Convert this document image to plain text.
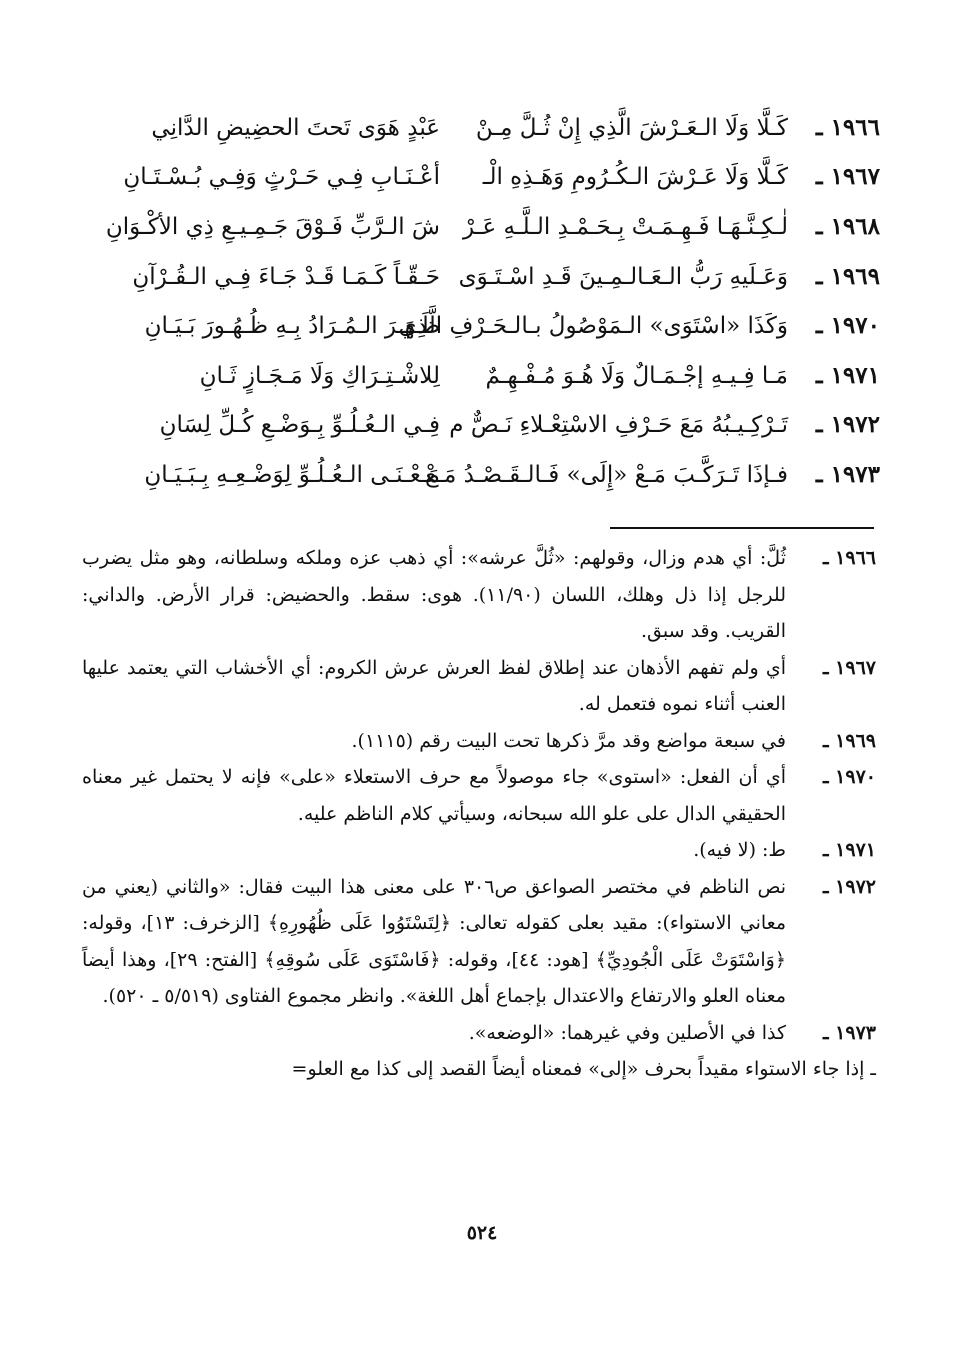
١٩٦٦ ـ
كَـلَّا وَلَا الـعَـرْشَ الَّذِي إِنْ ثُـلَّ مِـنْ
عَبْدٍ هَوَى تَحتَ الحضِيضِ الدَّانِي
١٩٦٧ ـ
كَـلَّا وَلَا عَـرْشَ الـكُـرُومِ وَهَـذِهِ الْـ
أعْـنَـابِ فِـي حَـرْثٍ وَفِـي بُـسْـتَـانِ
١٩٦٨ ـ
لٰـكِـنَّـهَـا فَـهِـمَـتْ بِـحَـمْـدِ الـلَّـهِ عَـرْ
شَ الـرَّبِّ فَـوْقَ جَـمِـيـعِ ذِي الأكْـوَانِ
١٩٦٩ ـ
وَعَـلَيهِ رَبُّ الـعَـالـمِـينَ قَـدِ اسْـتَـوَى
حَـقّـاً كَـمَـا قَـدْ جَـاءَ فِـي الـقُـرْآنِ
١٩٧٠ ـ
وَكَذَا «اسْتَوَى» الـمَوْصُولُ بـالـحَـرْفِ الَّذِي
ظَـهَـرَ الـمُـرَادُ بِـهِ ظُـهُـورَ بَـيَـانِ
١٩٧١ ـ
مَـا فِـيـهِ إجْـمَـالٌ وَلَا هُـوَ مُـفْـهِـمٌ
لِلاشْـتِـرَاكِ وَلَا مَـجَـازٍ ثَـانِ
١٩٧٢ ـ
تَـرْكِـيـبُهُ مَعَ حَـرْفِ الاسْتِعْـلاءِ نَـصٌّ م
فِـي الـعُـلُـوِّ بِـوَضْـعِ كُـلِّ لِسَانِ
١٩٧٣ ـ
فـإذَا تَـرَكَّـبَ مَـعْ «إِلَى» فَـالـقَـصْـدُ مَـعْ
مَـعْـنَـى الـعُـلُـوِّ لِوَضْـعِـهِ بِـبَـيَـانِ
١٩٦٦ ـ
ثُلَّ: أي هدم وزال، وقولهم: «ثُلَّ عرشه»: أي ذهب عزه وملكه وسلطانه، وهو مثل يضرب للرجل إذا ذل وهلك، اللسان (١١/٩٠). هوى: سقط. والحضيض: قرار الأرض. والداني: القريب. وقد سبق.
١٩٦٧ ـ
أي ولم تفهم الأذهان عند إطلاق لفظ العرش عرش الكروم: أي الأخشاب التي يعتمد عليها العنب أثناء نموه فتعمل له.
١٩٦٩ ـ
في سبعة مواضع وقد مرَّ ذكرها تحت البيت رقم (١١١٥).
١٩٧٠ ـ
أي أن الفعل: «استوى» جاء موصولاً مع حرف الاستعلاء «على» فإنه لا يحتمل غير معناه الحقيقي الدال على علو الله سبحانه، وسيأتي كلام الناظم عليه.
١٩٧١ ـ
ط: (لا فيه).
١٩٧٢ ـ
نص الناظم في مختصر الصواعق ص٣٠٦ على معنى هذا البيت فقال: «والثاني (يعني من معاني الاستواء): مقيد بعلى كقوله تعالى: ﴿لِتَسْتَوُوا عَلَى ظُهُورِهِ﴾ [الزخرف: ١٣]، وقوله: ﴿وَاسْتَوَتْ عَلَى الْجُودِيِّ﴾ [هود: ٤٤]، وقوله: ﴿فَاسْتَوَى عَلَى سُوقِهِ﴾ [الفتح: ٢٩]، وهذا أيضاً معناه العلو والارتفاع والاعتدال بإجماع أهل اللغة». وانظر مجموع الفتاوى (٥/٥١٩ ـ ٥٢٠).
١٩٧٣ ـ
كذا في الأصلين وفي غيرهما: «الوضعه».
ـ إذا جاء الاستواء مقيداً بحرف «إلى» فمعناه أيضاً القصد إلى كذا مع العلو=
٥٢٤
